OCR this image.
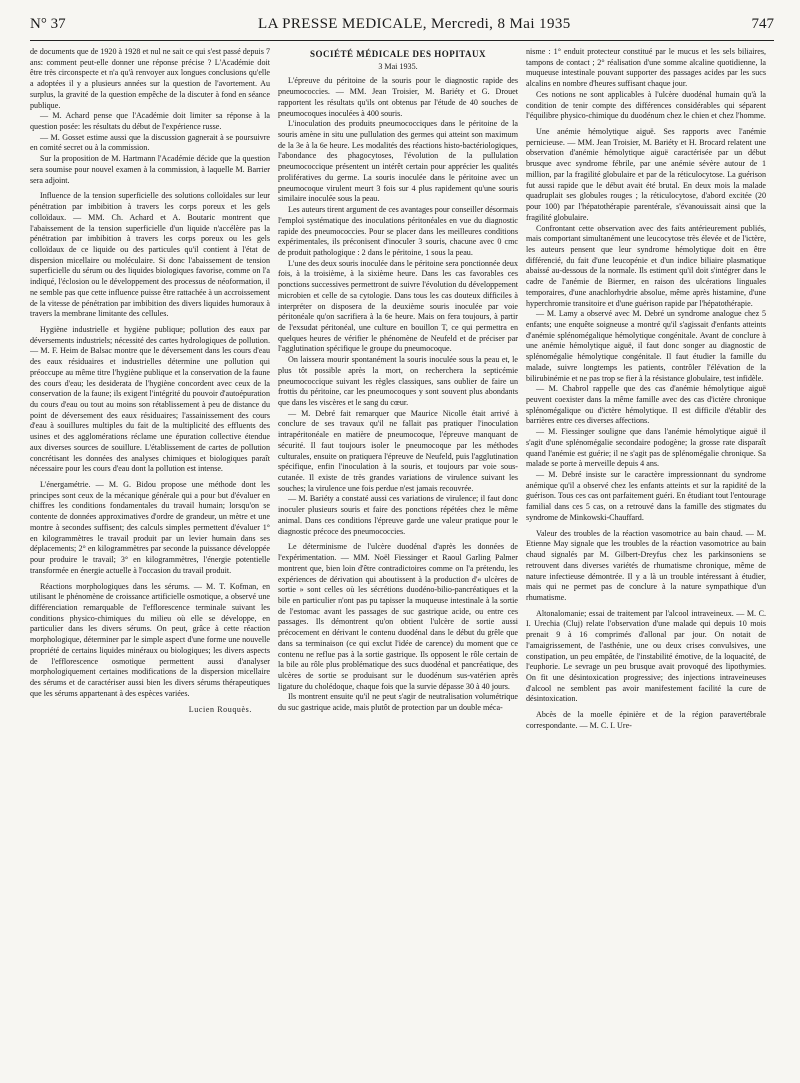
N° 37	LA PRESSE MEDICALE, Mercredi, 8 Mai 1935	747

de documents que de 1920 à 1928 et nul ne sait ce qui s'est passé depuis 7 ans: comment peut-elle donner une réponse précise ? L'Académie doit être très circonspecte et n'a qu'à renvoyer aux longues conclusions qu'elle a adoptées il y a plusieurs années sur la question de l'avortement. Au surplus, la gravité de la question empêche de la discuter à fond en séance publique.

— M. Achard pense que l'Académie doit limiter sa réponse à la question posée: les résultats du début de l'expérience russe.

— M. Gosset estime aussi que la discussion gagnerait à se poursuivre en comité secret ou à la commission.

Sur la proposition de M. Hartmann l'Académie décide que la question sera soumise pour nouvel examen à la commission, à laquelle M. Barrier sera adjoint.

Influence de la tension superficielle des solutions colloïdales sur leur pénétration par imbibition à travers les corps poreux et les gels colloïdaux. — MM. Ch. Achard et A. Boutaric montrent que l'abaissement de la tension superficielle d'un liquide n'accélère pas la pénétration par imbibition à travers les corps poreux ou les gels colloïdaux de ce liquide ou des particules qu'il contient à l'état de dispersion micellaire ou moléculaire. Si donc l'abaissement de tension superficielle du sérum ou des liquides biologiques favorise, comme on l'a indiqué, l'éclosion ou le développement des processus de néoformation, il ne semble pas que cette influence puisse être rattachée à un accroissement de la vitesse de pénétration par imbibition des divers liquides humoraux à travers la membrane limitante des cellules.

Hygiène industrielle et hygiène publique; pollution des eaux par déversements industriels; nécessité des cartes hydrologiques de pollution. — M. F. Heim de Balsac montre que le déversement dans les cours d'eau des eaux résiduaires et industrielles détermine une pollution qui préoccupe au même titre l'hygiène publique et la conservation de la faune des cours d'eau; les desiderata de l'hygiène concordent avec ceux de la conservation de la faune; ils exigent l'intégrité du pouvoir d'autoépuration du cours d'eau ou tout au moins son rétablissement à peu de distance du point de déversement des eaux résiduaires; l'assainissement des cours d'eau à souillures multiples du fait de la multiplicité des effluents des usines et des agglomérations réclame une épuration collective étendue aux diverses sources de souillure. L'établissement de cartes de pollution concrétisant les données des analyses chimiques et biologiques paraît nécessaire pour les cours d'eau dont la pollution est intense.

L'énergamétrie. — M. G. Bidou propose une méthode dont les principes sont ceux de la mécanique générale qui a pour but d'évaluer en chiffres les conditions fondamentales du travail humain; lorsqu'on se contente de données approximatives d'ordre de grandeur, un mètre et une montre à secondes suffisent; des calculs simples permettent d'évaluer 1° en kilogrammètres le travail produit par un levier humain dans ses déplacements; 2° en kilogrammètres par seconde la puissance développée pour produire le travail; 3° en kilogrammètres, l'énergie potentielle transformée en énergie actuelle à l'occasion du travail produit.

Réactions morphologiques dans les sérums. — M. T. Kofman, en utilisant le phénomène de croissance artificielle osmotique, a observé une différenciation remarquable de l'efflorescence terminale suivant les conditions physico-chimiques du milieu où elle se développe, en particulier dans les divers sérums. On peut, grâce à cette réaction morphologique, déterminer par le simple aspect d'une forme une nouvelle propriété de certains liquides minéraux ou biologiques; les divers aspects de l'efflorescence osmotique permettent aussi d'analyser morphologiquement certaines modifications de la dispersion micellaire des sérums et de caractériser aussi bien les divers sérums thérapeutiques que les sérums appartenant à des espèces variées.

Lucien Rouquès.
SOCIÉTÉ MÉDICALE DES HOPITAUX
3 Mai 1935.

L'épreuve du péritoine de la souris pour le diagnostic rapide des pneumococcies. — MM. Jean Troisier, M. Bariéty et G. Drouet rapportent les résultats qu'ils ont obtenus par l'étude de 40 souches de pneumocoques inoculées à 400 souris.

L'inoculation des produits pneumococciques dans le péritoine de la souris amène in situ une pullulation des germes qui atteint son maximum de la 3e à la 6e heure. Les modalités des réactions histo-bactériologiques, l'abondance des phagocytoses, l'évolution de la pullulation pneumococcique présentent un intérêt certain pour apprécier les qualités prolifératives du germe. La souris inoculée dans le péritoine avec un pneumocoque virulent meurt 3 fois sur 4 plus rapidement qu'une souris similaire inoculée sous la peau.

Les auteurs tirent argument de ces avantages pour conseiller désormais l'emploi systématique des inoculations péritonéales en vue du diagnostic rapide des pneumococcies. Pour se placer dans les meilleures conditions expérimentales, ils préconisent d'inoculer 3 souris, chacune avec 0 cmc de produit pathologique : 2 dans le péritoine, 1 sous la peau.

L'une des deux souris inoculée dans le péritoine sera ponctionnée deux fois, à la troisième, à la sixième heure. Dans les cas favorables ces ponctions successives permettront de suivre l'évolution du développement microbien et celle de sa cytologie. Dans tous les cas douteux difficiles à interpréter on disposera de la deuxième souris inoculée par voie péritonéale qu'on sacrifiera à la 6e heure. Mais on fera toujours, à partir de l'exsudat péritonéal, une culture en bouillon T, ce qui permettra en quelques heures de vérifier le phénomène de Neufeld et de préciser par l'agglutination spécifique le groupe du pneumocoque.

On laissera mourir spontanément la souris inoculée sous la peau et, le plus tôt possible après la mort, on recherchera la septicémie pneumococcique suivant les règles classiques, sans oublier de faire un frottis du péritoine, car les pneumocoques y sont souvent plus abondants que dans les viscères et le sang du cœur.

— M. Debré fait remarquer que Maurice Nicolle était arrivé à conclure de ses travaux qu'il ne fallait pas pratiquer l'inoculation intrapéritonéale en matière de pneumocoque, l'épreuve manquant de sécurité. Il faut toujours isoler le pneumocoque par les méthodes culturales, ensuite on pratiquera l'épreuve de Neufeld, puis l'agglutination spécifique, enfin l'inoculation à la souris, et toujours par voie sous-cutanée. Il existe de très grandes variations de virulence suivant les souches; la virulence une fois perdue n'est jamais recouvrée.

— M. Bariéty a constaté aussi ces variations de virulence; il faut donc inoculer plusieurs souris et faire des ponctions répétées chez le même animal. Dans ces conditions l'épreuve garde une valeur pratique pour le diagnostic précoce des pneumococcies.

Le déterminisme de l'ulcère duodénal d'après les données de l'expérimentation. — MM. Noël Fiessinger et Raoul Garling Palmer montrent que, bien loin d'être contradictoires comme on l'a prétendu, les expériences de dérivation qui aboutissent à la production d'« ulcères de sortie » sont celles où les sécrétions duodéno-bilio-pancréatiques et la bile en particulier n'ont pas pu tapisser la muqueuse intestinale à la sortie de l'estomac avant les passages de suc gastrique acide, ou entre ces passages. Ils démontrent qu'on obtient l'ulcère de sortie aussi précocement en dérivant le contenu duodénal dans le début du grêle que dans sa terminaison (ce qui exclut l'idée de carence) du moment que ce contenu ne reflue pas à la sortie gastrique. Ils opposent le rôle certain de la bile au rôle plus problématique des sucs duodénal et pancréatique, des ulcères de sortie se produisant sur le duodénum sus-vatérien après ligature du cholédoque, chaque fois que la survie dépasse 30 à 40 jours.

Ils montrent ensuite qu'il ne peut s'agir de neutralisation volumétrique du suc gastrique acide, mais plutôt de protection par un double méca-

nisme : 1° enduit protecteur constitué par le mucus et les sels biliaires, tampons de contact ; 2° réalisation d'une somme alcaline quotidienne, la muqueuse intestinale pouvant supporter des passages acides par les sucs alcalins en nombre d'heures suffisant chaque jour.

Ces notions ne sont applicables à l'ulcère duodénal humain qu'à la condition de tenir compte des différences considérables qui séparent l'équilibre physico-chimique du duodénum chez le chien et chez l'homme.

Une anémie hémolytique aiguë. Ses rapports avec l'anémie pernicieuse. — MM. Jean Troisier, M. Bariéty et H. Brocard relatent une observation d'anémie hémolytique aiguë caractérisée par un début brusque avec syndrome fébrile, par une anémie sévère autour de 1 million, par la fragilité globulaire et par de la réticulocytose. La guérison fut aussi rapide que le début avait été brutal. En deux mois la malade quadruplait ses globules rouges ; la réticulocytose, d'abord excitée (20 pour 100) par l'hépatothérapie parentérale, s'évanouissait ainsi que la fragilité globulaire.

Confrontant cette observation avec des faits antérieurement publiés, mais comportant simultanément une leucocytose très élevée et de l'ictère, les auteurs pensent que leur syndrome hémolytique doit en être différencié, du fait d'une leucopénie et d'un indice biliaire plasmatique abaissé au-dessous de la normale. Ils estiment qu'il doit s'intégrer dans le cadre de l'anémie de Biermer, en raison des ulcérations linguales temporaires, d'une anachlorhydrie absolue, même après histamine, d'une hyperchromie transitoire et d'une guérison rapide par l'hépatothérapie.

— M. Lamy a observé avec M. Debré un syndrome analogue chez 5 enfants; une enquête soigneuse a montré qu'il s'agissait d'enfants atteints d'anémie splénomégalique hémolytique congénitale. Avant de conclure à une anémie hémolytique aiguë, il faut donc songer au diagnostic de splénomégalie hémolytique congénitale. Il faut étudier la famille du malade, suivre longtemps les patients, contrôler l'élévation de la bilirubinémie et ne pas trop se fier à la résistance globulaire, test infidèle.

— M. Chabrol rappelle que des cas d'anémie hémolytique aiguë peuvent coexister dans la même famille avec des cas d'ictère chronique splénomégalique ou d'ictère hémolytique. Il est difficile d'établir des barrières entre ces diverses affections.

— M. Fiessinger souligne que dans l'anémie hémolytique aiguë il s'agit d'une splénomégalie secondaire podogène; la grosse rate disparaît quand l'anémie est guérie; il ne s'agit pas de splénomégalie chronique. Sa malade se porte à merveille depuis 4 ans.

— M. Debré insiste sur le caractère impressionnant du syndrome anémique qu'il a observé chez les enfants atteints et sur la rapidité de la guérison. Tous ces cas ont parfaitement guéri. En étudiant tout l'entourage familial dans ces 5 cas, on a retrouvé dans la famille des stigmates du syndrome de Minkowski-Chauffard.

Valeur des troubles de la réaction vasomotrice au bain chaud. — M. Etienne May signale que les troubles de la réaction vasomotrice au bain chaud signalés par M. Gilbert-Dreyfus chez les parkinsoniens se retrouvent dans diverses variétés de rhumatisme chronique, même de nature infectieuse démontrée. Il y a là un trouble intéressant à étudier, mais qui ne permet pas de conclure à la nature sympathique d'un rhumatisme.

Altonalomanie; essai de traitement par l'alcool intraveineux. — M. C. I. Urechia (Cluj) relate l'observation d'une malade qui depuis 10 mois prenait 9 à 16 comprimés d'allonal par jour. On notait de l'amaigrissement, de l'asthénie, une ou deux crises convulsives, une constipation, un peu empâtée, de l'instabilité émotive, de la loquacité, de l'euphorie. Le sevrage un peu brusque avait provoqué des lipothymies. On fit une désintoxication progressive; des injections intraveineuses d'alcool ne semblent pas avoir manifestement facilité la cure de désintoxication.

Abcès de la moelle épinière et de la région paravertébrale correspondante. — M. C. I. Ure-
